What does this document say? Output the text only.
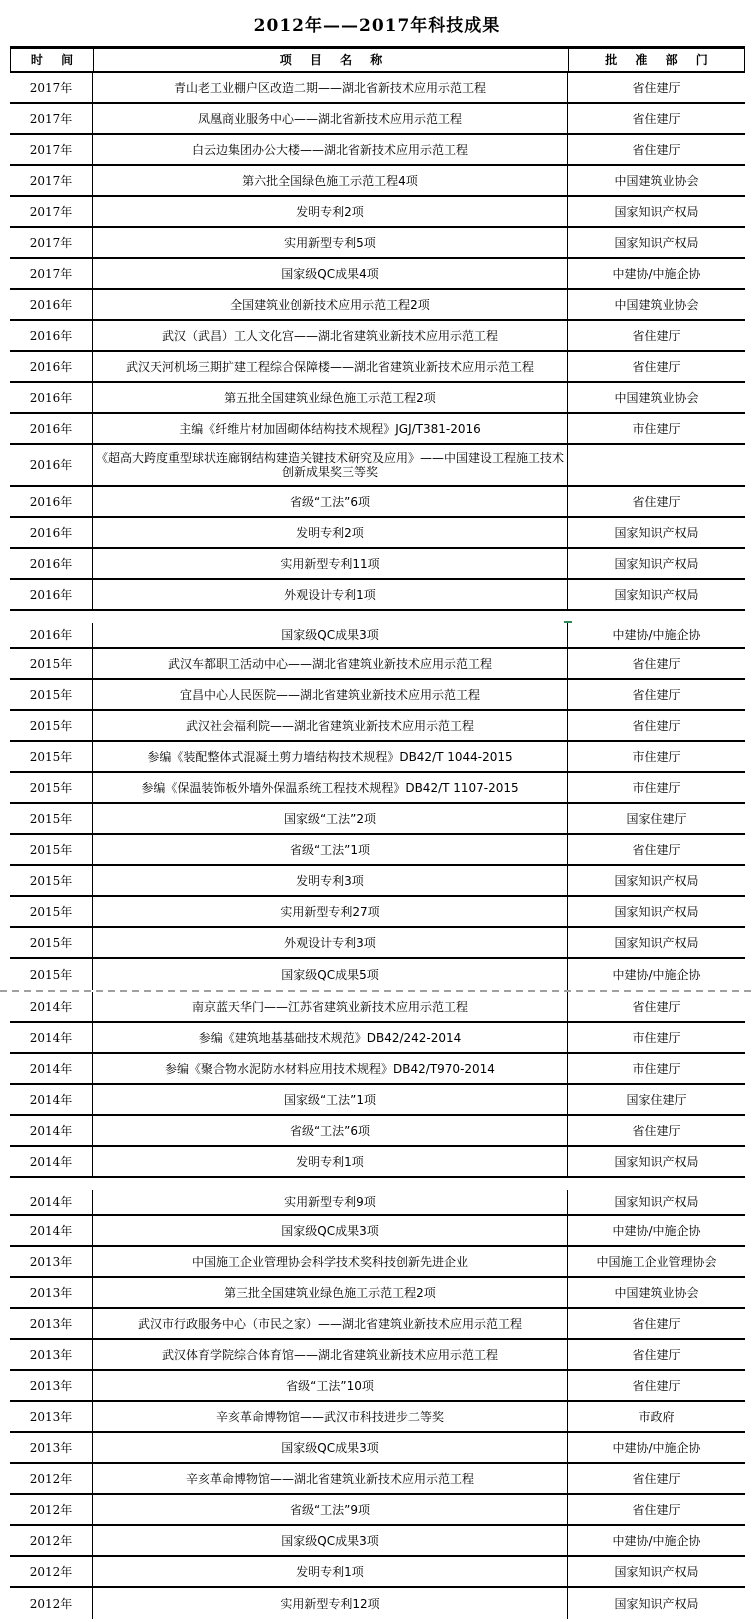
2012年——2017年科技成果
时 间	项 目 名 称	批 准 部 门
2017年	青山老工业棚户区改造二期——湖北省新技术应用示范工程	省住建厅
2017年	凤凰商业服务中心——湖北省新技术应用示范工程	省住建厅
2017年	白云边集团办公大楼——湖北省新技术应用示范工程	省住建厅
2017年	第六批全国绿色施工示范工程4项	中国建筑业协会
2017年	发明专利2项	国家知识产权局
2017年	实用新型专利5项	国家知识产权局
2017年	国家级QC成果4项	中建协/中施企协
2016年	全国建筑业创新技术应用示范工程2项	中国建筑业协会
2016年	武汉（武昌）工人文化宫——湖北省建筑业新技术应用示范工程	省住建厅
2016年	武汉天河机场三期扩建工程综合保障楼——湖北省建筑业新技术应用示范工程	省住建厅
2016年	第五批全国建筑业绿色施工示范工程2项	中国建筑业协会
2016年	主编《纤维片材加固砌体结构技术规程》JGJ/T381-2016	市住建厅
2016年	《超高大跨度重型球状连廊钢结构建造关键技术研究及应用》——中国建设工程施工技术创新成果奖三等奖
2016年	省级“工法”6项	省住建厅
2016年	发明专利2项	国家知识产权局
2016年	实用新型专利11项	国家知识产权局
2016年	外观设计专利1项	国家知识产权局
2016年	国家级QC成果3项	中建协/中施企协
2015年	武汉车都职工活动中心——湖北省建筑业新技术应用示范工程	省住建厅
2015年	宜昌中心人民医院——湖北省建筑业新技术应用示范工程	省住建厅
2015年	武汉社会福利院——湖北省建筑业新技术应用示范工程	省住建厅
2015年	参编《装配整体式混凝土剪力墙结构技术规程》DB42/T 1044-2015	市住建厅
2015年	参编《保温装饰板外墙外保温系统工程技术规程》DB42/T 1107-2015	市住建厅
2015年	国家级“工法”2项	国家住建厅
2015年	省级“工法”1项	省住建厅
2015年	发明专利3项	国家知识产权局
2015年	实用新型专利27项	国家知识产权局
2015年	外观设计专利3项	国家知识产权局
2015年	国家级QC成果5项	中建协/中施企协
2014年	南京蓝天华门——江苏省建筑业新技术应用示范工程	省住建厅
2014年	参编《建筑地基基础技术规范》DB42/242-2014	市住建厅
2014年	参编《聚合物水泥防水材料应用技术规程》DB42/T970-2014	市住建厅
2014年	国家级“工法”1项	国家住建厅
2014年	省级“工法”6项	省住建厅
2014年	发明专利1项	国家知识产权局
2014年	实用新型专利9项	国家知识产权局
2014年	国家级QC成果3项	中建协/中施企协
2013年	中国施工企业管理协会科学技术奖科技创新先进企业	中国施工企业管理协会
2013年	第三批全国建筑业绿色施工示范工程2项	中国建筑业协会
2013年	武汉市行政服务中心（市民之家）——湖北省建筑业新技术应用示范工程	省住建厅
2013年	武汉体育学院综合体育馆——湖北省建筑业新技术应用示范工程	省住建厅
2013年	省级“工法”10项	省住建厅
2013年	辛亥革命博物馆——武汉市科技进步二等奖	市政府
2013年	国家级QC成果3项	中建协/中施企协
2012年	辛亥革命博物馆——湖北省建筑业新技术应用示范工程	省住建厅
2012年	省级“工法”9项	省住建厅
2012年	国家级QC成果3项	中建协/中施企协
2012年	发明专利1项	国家知识产权局
2012年	实用新型专利12项	国家知识产权局
